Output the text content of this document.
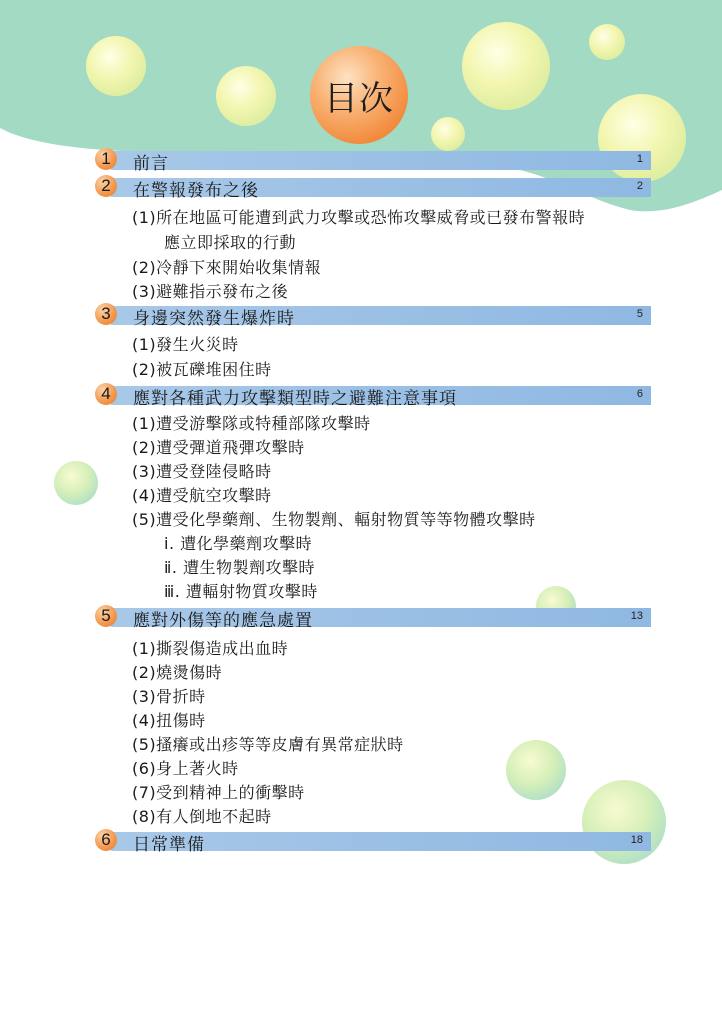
目次
1	前言	1
2	在警報發布之後	2
(1)所在地區可能遭到武力攻擊或恐怖攻擊威脅或已發布警報時
應立即採取的行動
(2)冷靜下來開始收集情報
(3)避難指示發布之後
3	身邊突然發生爆炸時	5
(1)發生火災時
(2)被瓦礫堆困住時
4	應對各種武力攻擊類型時之避難注意事項	6
(1)遭受游擊隊或特種部隊攻擊時
(2)遭受彈道飛彈攻擊時
(3)遭受登陸侵略時
(4)遭受航空攻擊時
(5)遭受化學藥劑、生物製劑、輻射物質等等物體攻擊時
ⅰ. 遭化學藥劑攻擊時
ⅱ. 遭生物製劑攻擊時
ⅲ. 遭輻射物質攻擊時
5	應對外傷等的應急處置	13
(1)撕裂傷造成出血時
(2)燒燙傷時
(3)骨折時
(4)扭傷時
(5)搔癢或出疹等等皮膚有異常症狀時
(6)身上著火時
(7)受到精神上的衝擊時
(8)有人倒地不起時
6	日常準備	18
